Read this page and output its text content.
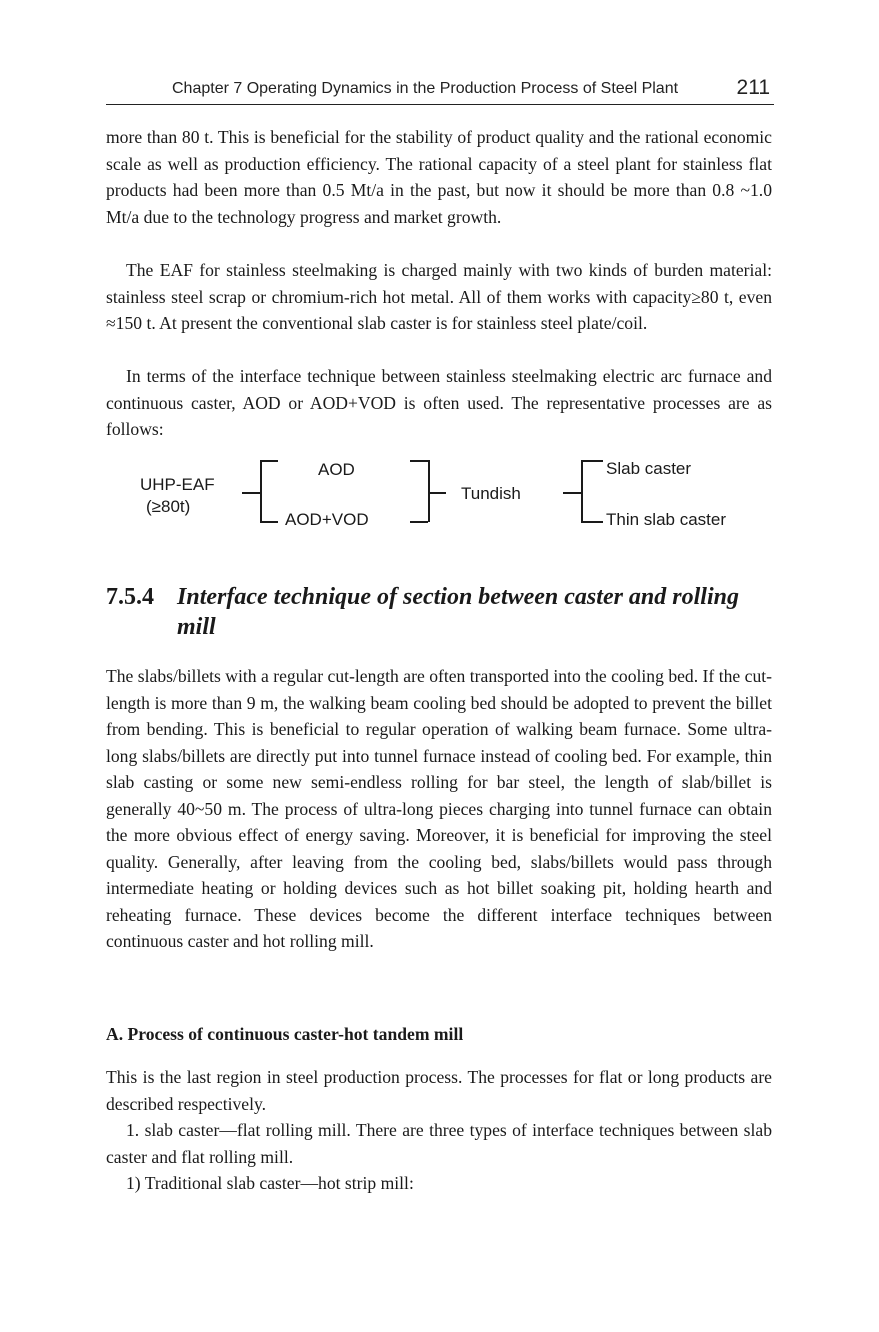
Chapter 7 Operating Dynamics in the Production Process of Steel Plant	211

more than 80 t. This is beneficial for the stability of product quality and the rational economic scale as well as production efficiency. The rational capacity of a steel plant for stainless flat products had been more than 0.5 Mt/a in the past, but now it should be more than 0.8 ~1.0 Mt/a due to the technology progress and market growth.

The EAF for stainless steelmaking is charged mainly with two kinds of burden material: stainless steel scrap or chromium-rich hot metal. All of them works with capacity≥80 t, even ≈150 t. At present the conventional slab caster is for stainless steel plate/coil.

In terms of the interface technique between stainless steelmaking electric arc furnace and continuous caster, AOD or AOD+VOD is often used. The representative processes are as follows:

UHP-EAF
(≥80t)
AOD
AOD+VOD
Tundish
Slab caster
Thin slab caster
7.5.4 Interface technique of section between caster and rolling mill

The slabs/billets with a regular cut-length are often transported into the cooling bed. If the cut-length is more than 9 m, the walking beam cooling bed should be adopted to prevent the billet from bending. This is beneficial to regular operation of walking beam furnace. Some ultra-long slabs/billets are directly put into tunnel furnace instead of cooling bed. For example, thin slab casting or some new semi-endless rolling for bar steel, the length of slab/billet is generally 40~50 m. The process of ultra-long pieces charging into tunnel furnace can obtain the more obvious effect of energy saving. Moreover, it is beneficial for improving the steel quality. Generally, after leaving from the cooling bed, slabs/billets would pass through intermediate heating or holding devices such as hot billet soaking pit, holding hearth and reheating furnace. These devices become the different interface techniques between continuous caster and hot rolling mill.

A. Process of continuous caster-hot tandem mill

This is the last region in steel production process. The processes for flat or long products are described respectively.

1. slab caster—flat rolling mill. There are three types of interface techniques between slab caster and flat rolling mill.

1) Traditional slab caster—hot strip mill:
